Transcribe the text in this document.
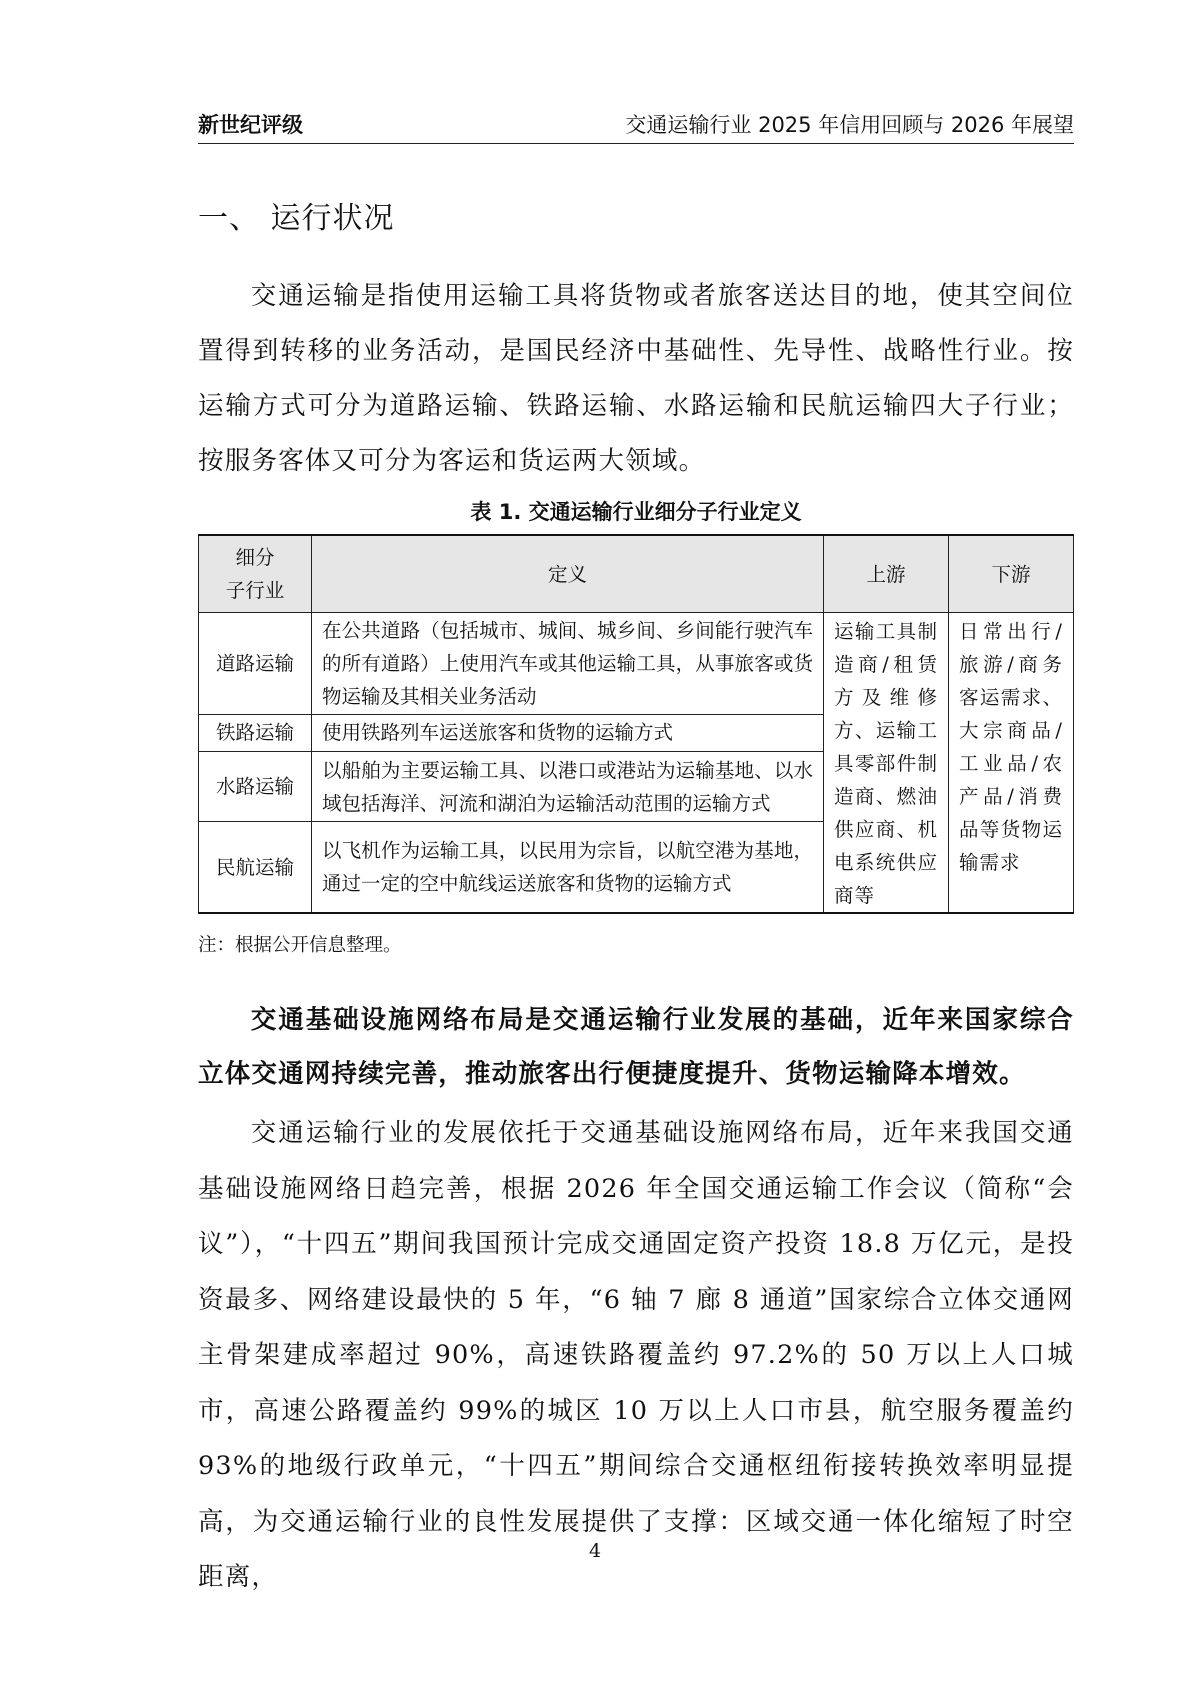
新世纪评级	交通运输行业 2025 年信用回顾与 2026 年展望
一、 运行状况
交通运输是指使用运输工具将货物或者旅客送达目的地，使其空间位置得到转移的业务活动，是国民经济中基础性、先导性、战略性行业。按运输方式可分为道路运输、铁路运输、水路运输和民航运输四大子行业；按服务客体又可分为客运和货运两大领域。
表 1. 交通运输行业细分子行业定义
细分
子行业	定义	上游	下游
道路运输	在公共道路（包括城市、城间、城乡间、乡间能行驶汽车的所有道路）上使用汽车或其他运输工具，从事旅客或货物运输及其相关业务活动	运输工具制造商/租赁方及维修方、运输工具零部件制造商、燃油供应商、机电系统供应商等	日常出行/旅游/商务客运需求、大宗商品/工业品/农产品/消费品等货物运输需求
铁路运输	使用铁路列车运送旅客和货物的运输方式		
水路运输	以船舶为主要运输工具、以港口或港站为运输基地、以水域包括海洋、河流和湖泊为运输活动范围的运输方式		
民航运输	以飞机作为运输工具，以民用为宗旨，以航空港为基地，通过一定的空中航线运送旅客和货物的运输方式		
注：根据公开信息整理。
交通基础设施网络布局是交通运输行业发展的基础，近年来国家综合立体交通网持续完善，推动旅客出行便捷度提升、货物运输降本增效。
交通运输行业的发展依托于交通基础设施网络布局，近年来我国交通基础设施网络日趋完善，根据 2026 年全国交通运输工作会议（简称“会议”），“十四五”期间我国预计完成交通固定资产投资 18.8 万亿元，是投资最多、网络建设最快的 5 年，“6 轴 7 廊 8 通道”国家综合立体交通网主骨架建成率超过 90%，高速铁路覆盖约 97.2%的 50 万以上人口城市，高速公路覆盖约 99%的城区 10 万以上人口市县，航空服务覆盖约 93%的地级行政单元，“十四五”期间综合交通枢纽衔接转换效率明显提高，为交通运输行业的良性发展提供了支撑：区域交通一体化缩短了时空距离，
4
